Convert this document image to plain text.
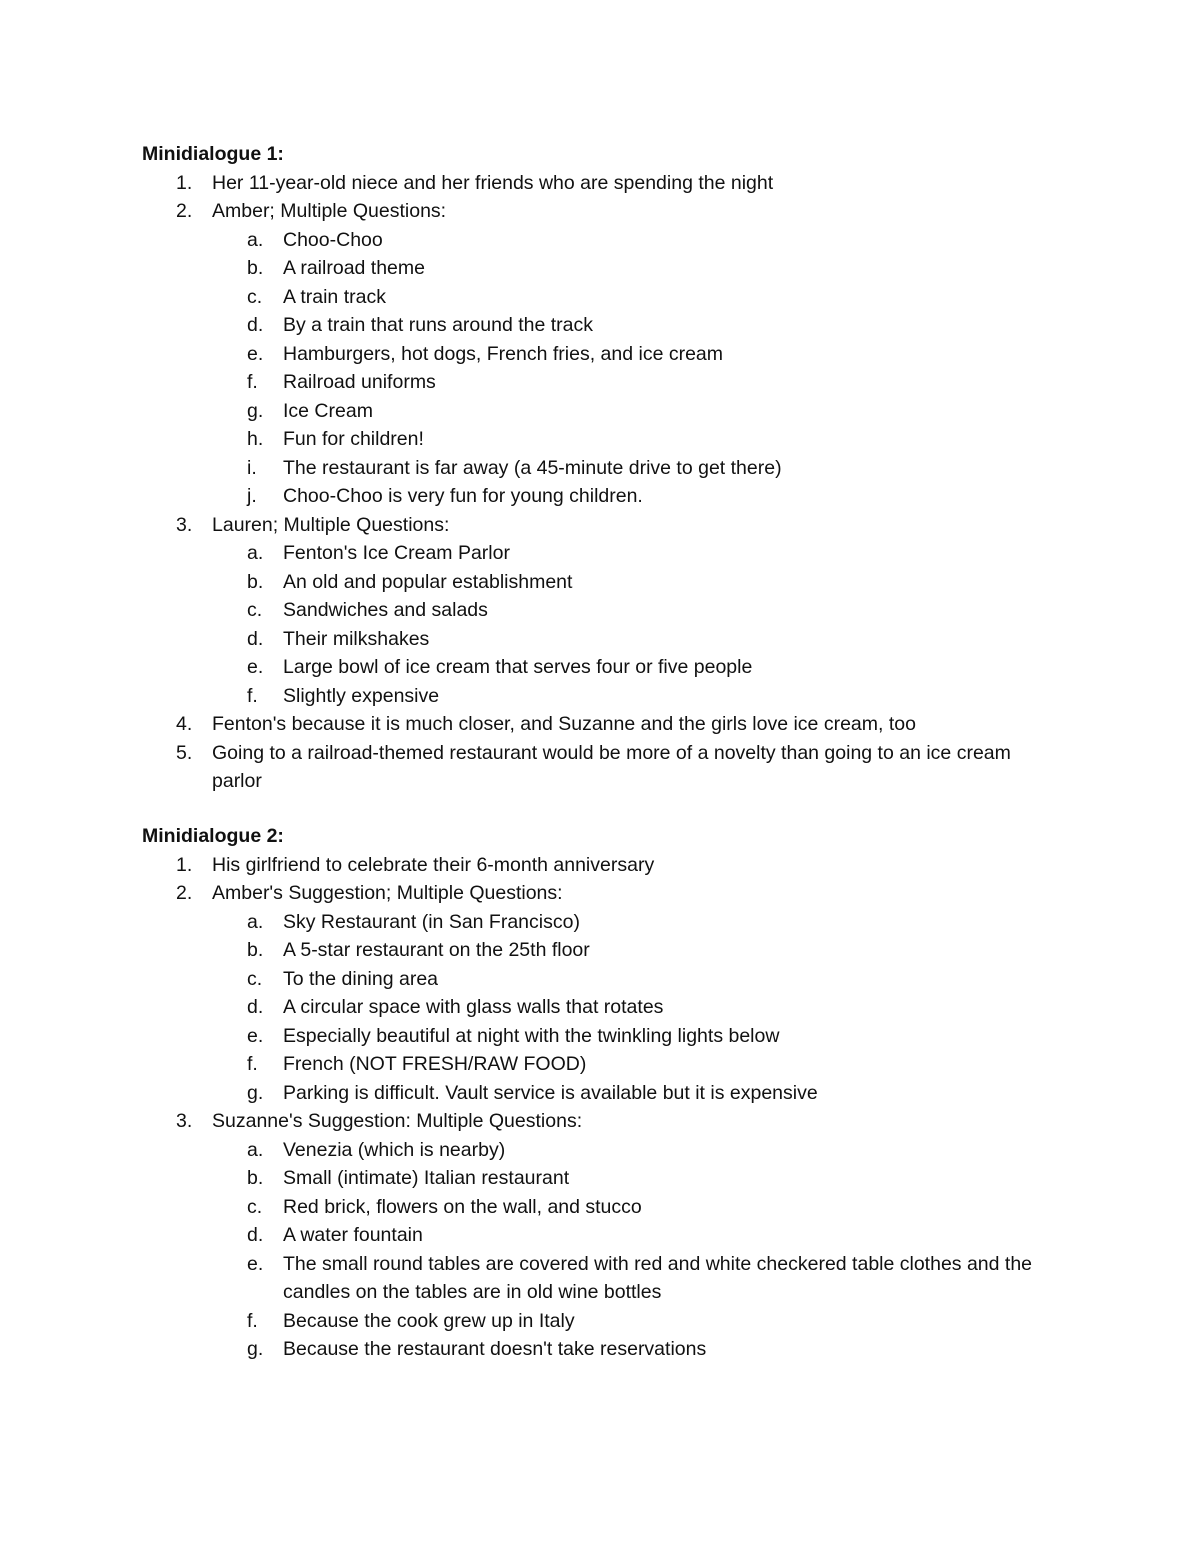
Minidialogue 1:
1. Her 11-year-old niece and her friends who are spending the night
2. Amber; Multiple Questions:
a. Choo-Choo
b. A railroad theme
c. A train track
d. By a train that runs around the track
e. Hamburgers, hot dogs, French fries, and ice cream
f. Railroad uniforms
g. Ice Cream
h. Fun for children!
i. The restaurant is far away (a 45-minute drive to get there)
j. Choo-Choo is very fun for young children.
3. Lauren; Multiple Questions:
a. Fenton's Ice Cream Parlor
b. An old and popular establishment
c. Sandwiches and salads
d. Their milkshakes
e. Large bowl of ice cream that serves four or five people
f. Slightly expensive
4. Fenton's because it is much closer, and Suzanne and the girls love ice cream, too
5. Going to a railroad-themed restaurant would be more of a novelty than going to an ice cream parlor
Minidialogue 2:
1. His girlfriend to celebrate their 6-month anniversary
2. Amber's Suggestion; Multiple Questions:
a. Sky Restaurant (in San Francisco)
b. A 5-star restaurant on the 25th floor
c. To the dining area
d. A circular space with glass walls that rotates
e. Especially beautiful at night with the twinkling lights below
f. French (NOT FRESH/RAW FOOD)
g. Parking is difficult. Vault service is available but it is expensive
3. Suzanne's Suggestion: Multiple Questions:
a. Venezia (which is nearby)
b. Small (intimate) Italian restaurant
c. Red brick, flowers on the wall, and stucco
d. A water fountain
e. The small round tables are covered with red and white checkered table clothes and the candles on the tables are in old wine bottles
f. Because the cook grew up in Italy
g. Because the restaurant doesn't take reservations
